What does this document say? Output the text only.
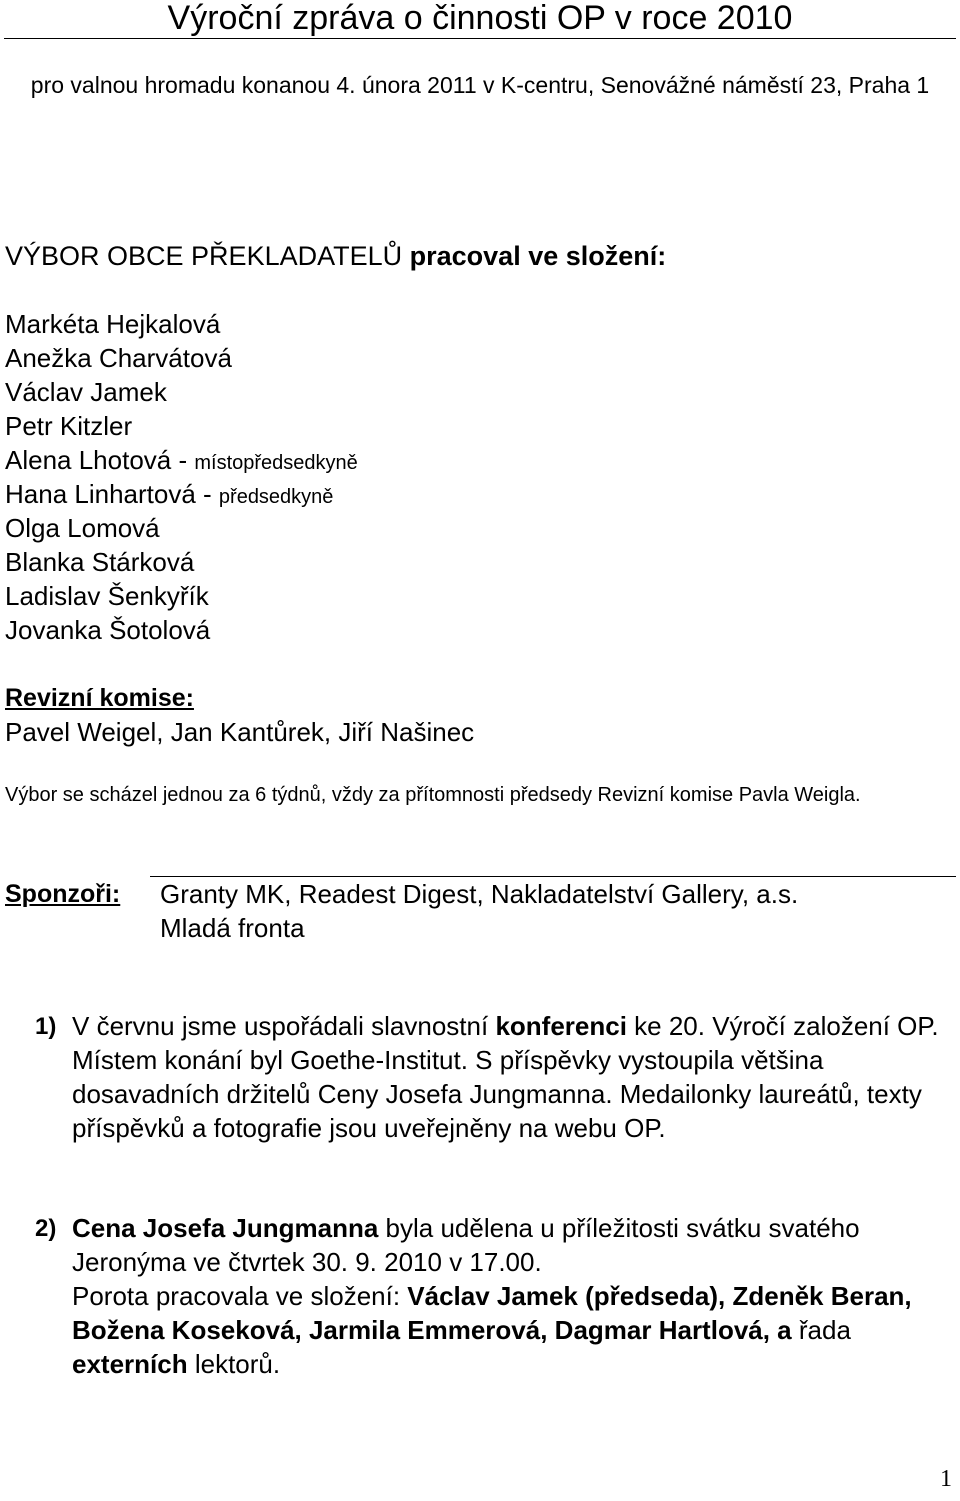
Výroční zpráva o činnosti OP v roce 2010
pro valnou hromadu konanou 4. února 2011 v K-centru, Senovážné náměstí 23, Praha 1
VÝBOR OBCE PŘEKLADATELŮ pracoval ve složení:
Markéta Hejkalová
Anežka Charvátová
Václav Jamek
Petr Kitzler
Alena Lhotová - místopředsedkyně
Hana Linhartová - předsedkyně
Olga Lomová
Blanka Stárková
Ladislav Šenkyřík
Jovanka Šotolová
Revizní komise:
Pavel Weigel, Jan Kantůrek, Jiří Našinec
Výbor se scházel jednou za 6 týdnů, vždy za přítomnosti předsedy Revizní komise Pavla Weigla.
Sponzoři: Granty MK, Readest Digest, Nakladatelství Gallery, a.s.
Mladá fronta
1) V červnu jsme uspořádali slavnostní konferenci ke 20. Výročí založení OP. Místem konání byl Goethe-Institut. S příspěvky vystoupila většina dosavadních držitelů Ceny Josefa Jungmanna. Medailonky laureátů, texty příspěvků a fotografie jsou uveřejněny na webu OP.
2) Cena Josefa Jungmanna byla udělena u příležitosti svátku svatého Jeronýma ve čtvrtek 30. 9. 2010 v 17.00.

Porota pracovala ve složení: Václav Jamek (předseda), Zdeněk Beran, Božena Koseková, Jarmila Emmerová, Dagmar Hartlová, a řada externích lektorů.

1
